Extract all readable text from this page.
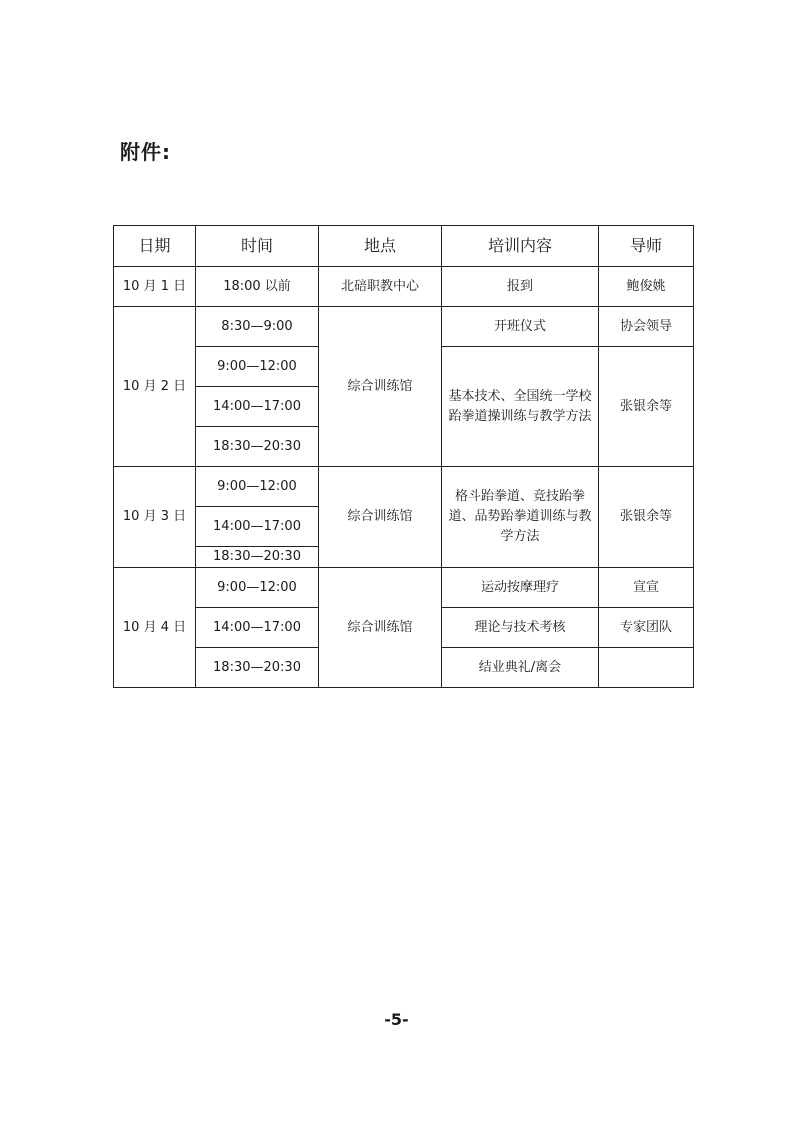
附件:
日期	时间	地点	培训内容	导师
10 月 1 日	18:00 以前	北碚职教中心	报到	鲍俊姚
10 月 2 日	8:30—9:00	综合训练馆	开班仪式	协会领导
	9:00—12:00		基本技术、全国统一学校跆拳道操训练与教学方法	张银余等
	14:00—17:00			
	18:30—20:30			
10 月 3 日	9:00—12:00	综合训练馆	格斗跆拳道、竞技跆拳道、品势跆拳道训练与教学方法	张银余等
	14:00—17:00			
	18:30—20:30			
10 月 4 日	9:00—12:00	综合训练馆	运动按摩理疗	宣宣
	14:00—17:00		理论与技术考核	专家团队
	18:30—20:30		结业典礼/离会	
-5-
